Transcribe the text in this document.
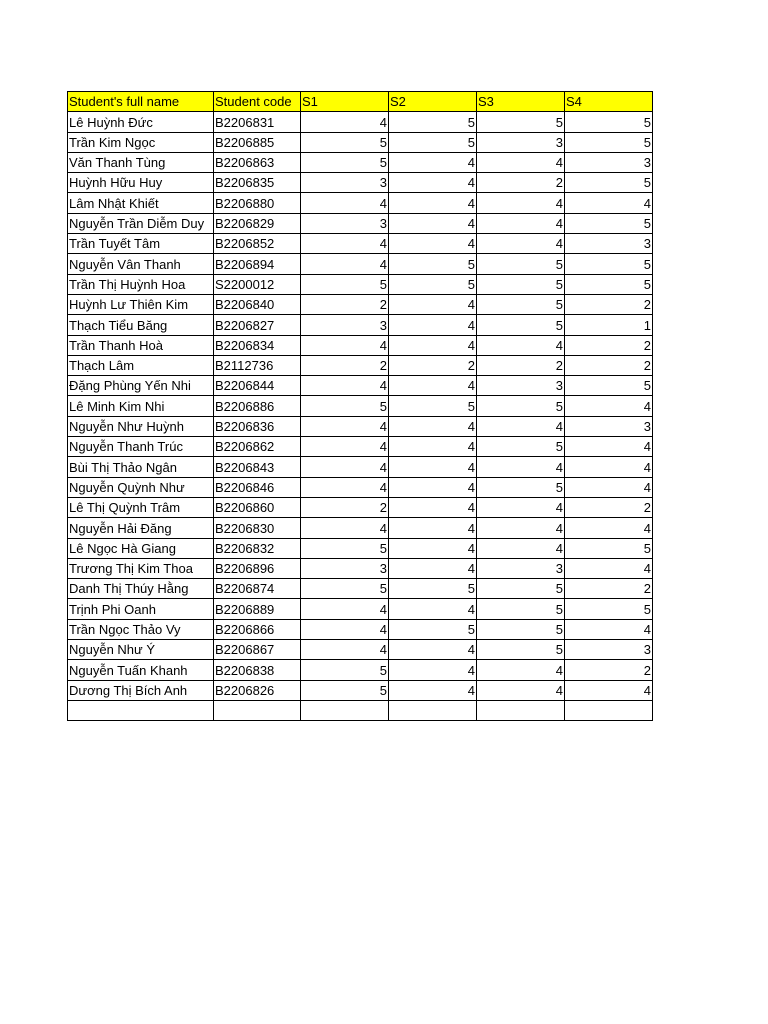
Student's full name	Student code	S1	S2	S3	S4
Lê Huỳnh Đức	B2206831	4	5	5	5
Trần Kim Ngọc	B2206885	5	5	3	5
Văn Thanh Tùng	B2206863	5	4	4	3
Huỳnh Hữu Huy	B2206835	3	4	2	5
Lâm Nhật Khiết	B2206880	4	4	4	4
Nguyễn Trần Diễm Duy	B2206829	3	4	4	5
Trần Tuyết Tâm	B2206852	4	4	4	3
Nguyễn Vân Thanh	B2206894	4	5	5	5
Trần Thị Huỳnh Hoa	S2200012	5	5	5	5
Huỳnh Lư Thiên Kim	B2206840	2	4	5	2
Thạch Tiểu Băng	B2206827	3	4	5	1
Trần Thanh Hoà	B2206834	4	4	4	2
Thạch Lâm	B2112736	2	2	2	2
Đặng Phùng Yến Nhi	B2206844	4	4	3	5
Lê Minh Kim Nhi	B2206886	5	5	5	4
Nguyễn Như Huỳnh	B2206836	4	4	4	3
Nguyễn Thanh Trúc	B2206862	4	4	5	4
Bùi Thị Thảo Ngân	B2206843	4	4	4	4
Nguyễn Quỳnh Như	B2206846	4	4	5	4
Lê Thị Quỳnh Trâm	B2206860	2	4	4	2
Nguyễn Hải Đăng	B2206830	4	4	4	4
Lê Ngọc Hà Giang	B2206832	5	4	4	5
Trương Thị Kim Thoa	B2206896	3	4	3	4
Danh Thị Thúy Hằng	B2206874	5	5	5	2
Trịnh Phi Oanh	B2206889	4	4	5	5
Trần Ngọc Thảo Vy	B2206866	4	5	5	4
Nguyễn Như Ý	B2206867	4	4	5	3
Nguyễn Tuấn Khanh	B2206838	5	4	4	2
Dương Thị Bích Anh	B2206826	5	4	4	4
